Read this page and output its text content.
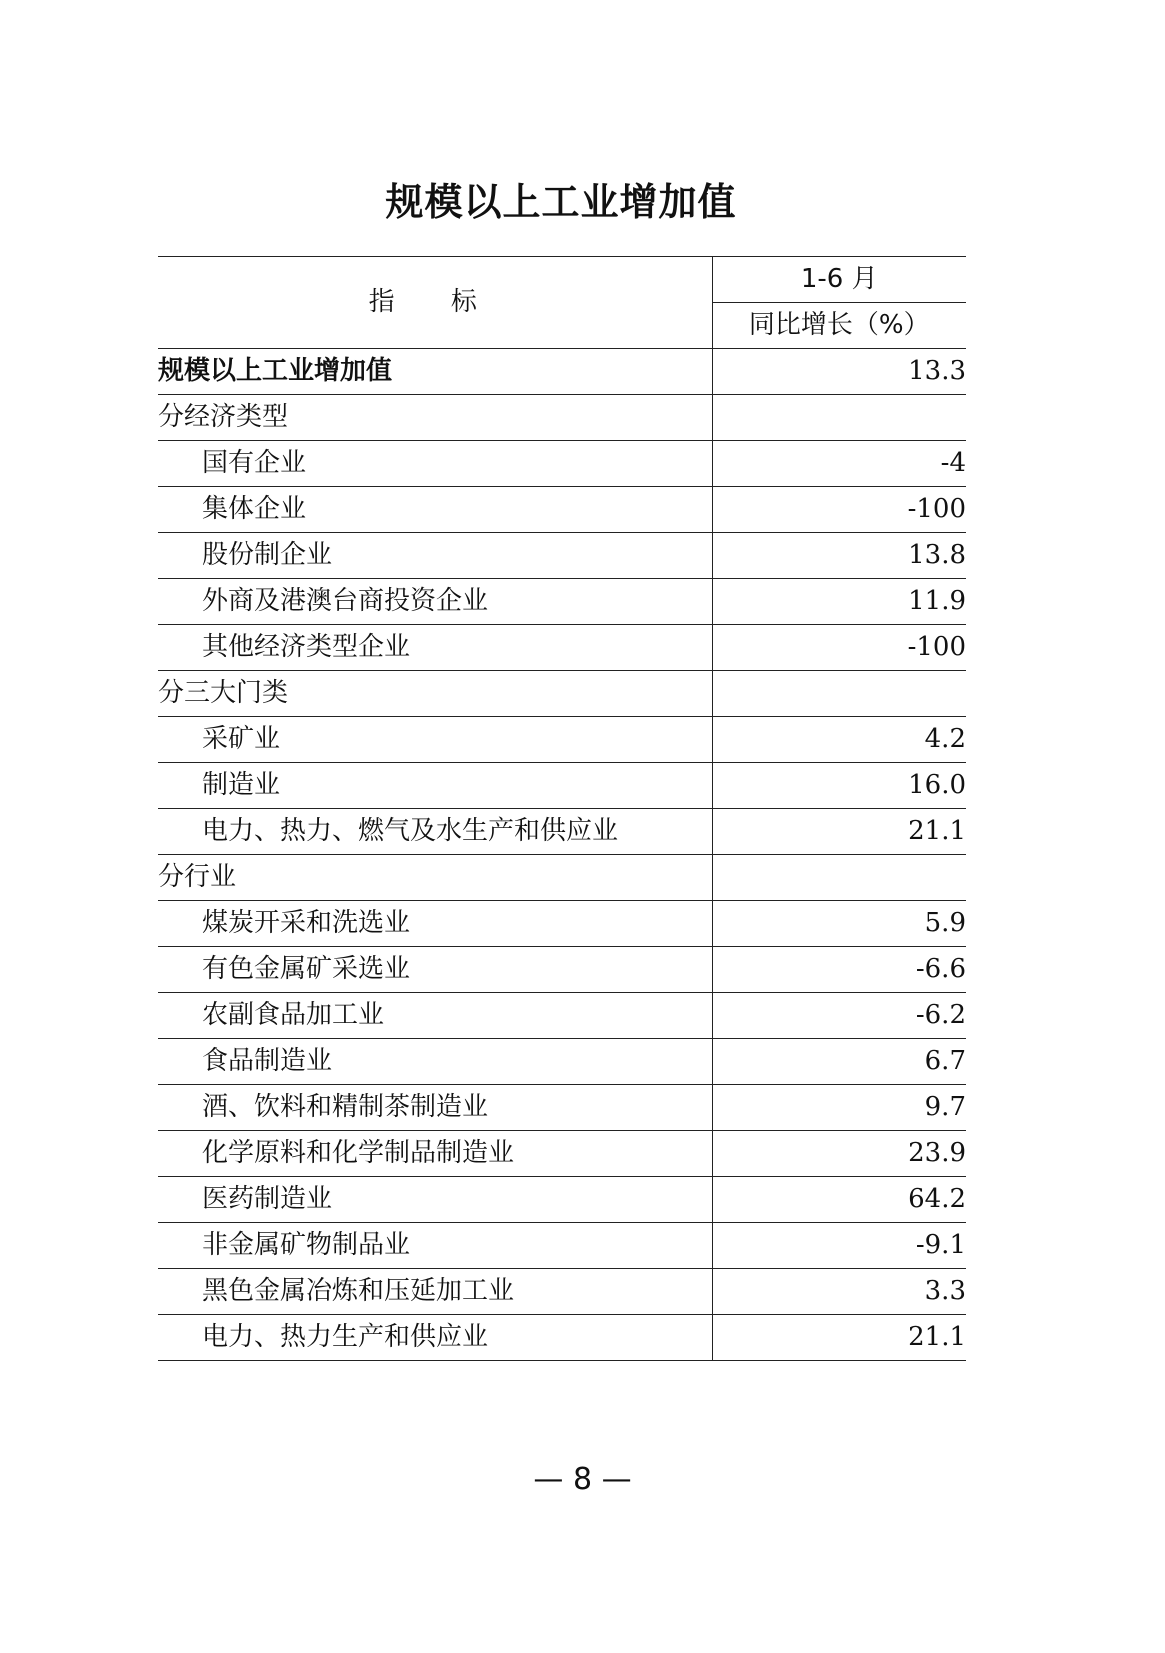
规模以上工业增加值
指 标	1-6 月
	同比增长（%）
规模以上工业增加值	13.3
分经济类型	
国有企业	-4
集体企业	-100
股份制企业	13.8
外商及港澳台商投资企业	11.9
其他经济类型企业	-100
分三大门类	
采矿业	4.2
制造业	16.0
电力、热力、燃气及水生产和供应业	21.1
分行业	
煤炭开采和洗选业	5.9
有色金属矿采选业	-6.6
农副食品加工业	-6.2
食品制造业	6.7
酒、饮料和精制茶制造业	9.7
化学原料和化学制品制造业	23.9
医药制造业	64.2
非金属矿物制品业	-9.1
黑色金属冶炼和压延加工业	3.3
电力、热力生产和供应业	21.1
— 8 —
